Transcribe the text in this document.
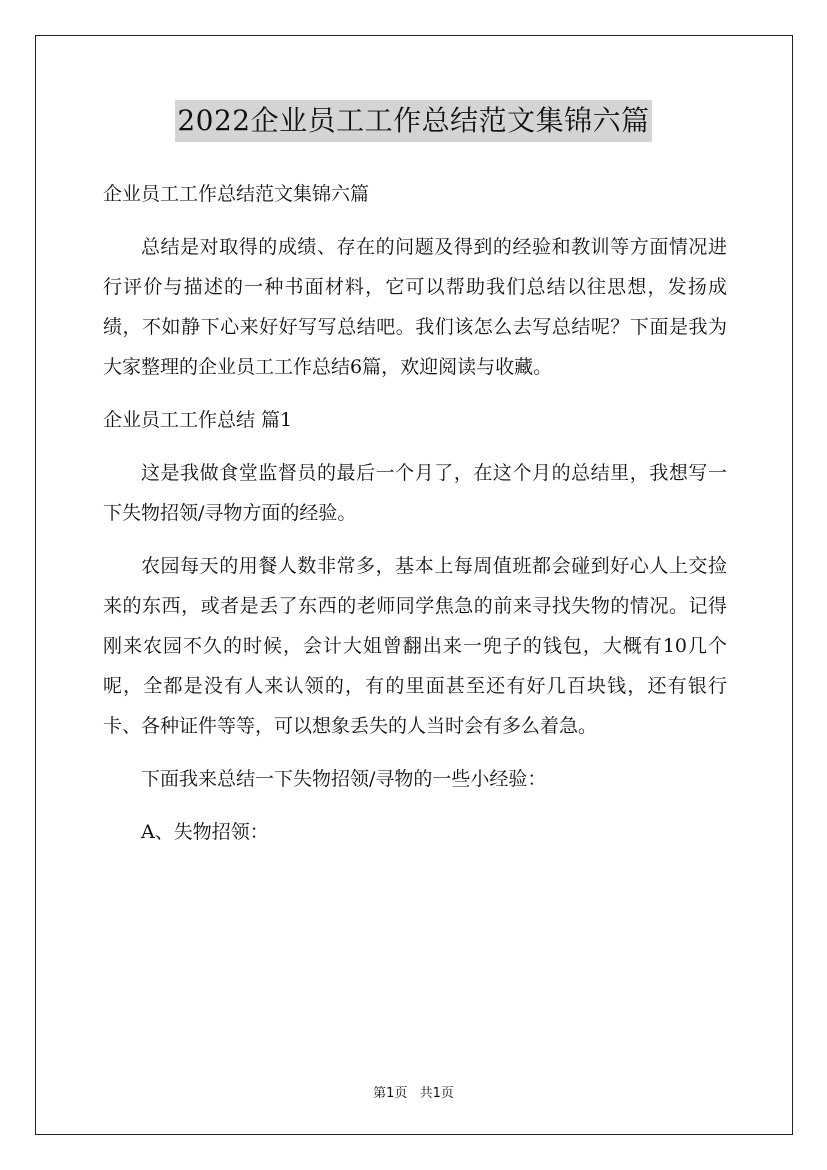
2022企业员工工作总结范文集锦六篇

企业员工工作总结范文集锦六篇

总结是对取得的成绩、存在的问题及得到的经验和教训等方面情况进行评价与描述的一种书面材料，它可以帮助我们总结以往思想，发扬成绩，不如静下心来好好写写总结吧。我们该怎么去写总结呢？下面是我为大家整理的企业员工工作总结6篇，欢迎阅读与收藏。

企业员工工作总结 篇1

这是我做食堂监督员的最后一个月了，在这个月的总结里，我想写一下失物招领/寻物方面的经验。

农园每天的用餐人数非常多，基本上每周值班都会碰到好心人上交捡来的东西，或者是丢了东西的老师同学焦急的前来寻找失物的情况。记得刚来农园不久的时候，会计大姐曾翻出来一兜子的钱包，大概有10几个呢，全都是没有人来认领的，有的里面甚至还有好几百块钱，还有银行卡、各种证件等等，可以想象丢失的人当时会有多么着急。

下面我来总结一下失物招领/寻物的一些小经验：

A、失物招领：

第1页 共1页
